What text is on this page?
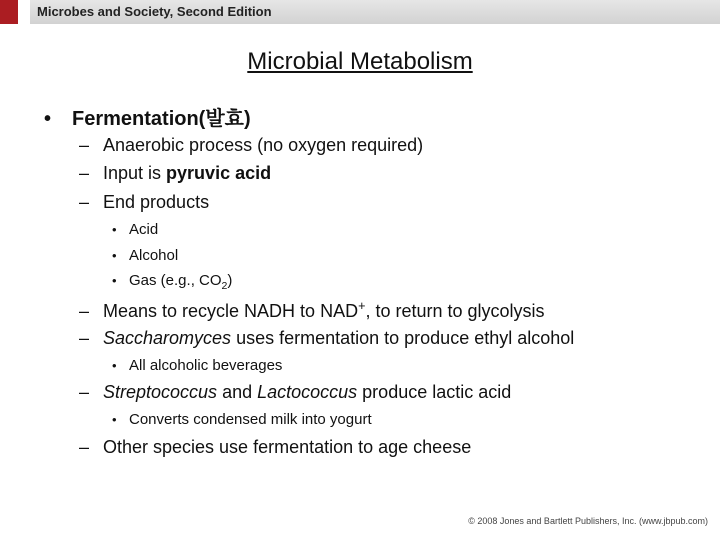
Microbes and Society, Second Edition
Microbial Metabolism
• Fermentation(발효)
– Anaerobic process (no oxygen required)
– Input is pyruvic acid
– End products
• Acid
• Alcohol
• Gas (e.g., $CO_2$)
– Means to recycle NADH to NAD+, to return to glycolysis
– Saccharomyces uses fermentation to produce ethyl alcohol
• All alcoholic beverages
– Streptococcus and Lactococcus produce lactic acid
• Converts condensed milk into yogurt
– Other species use fermentation to age cheese
© 2008 Jones and Bartlett Publishers, Inc. (www.jbpub.com)
